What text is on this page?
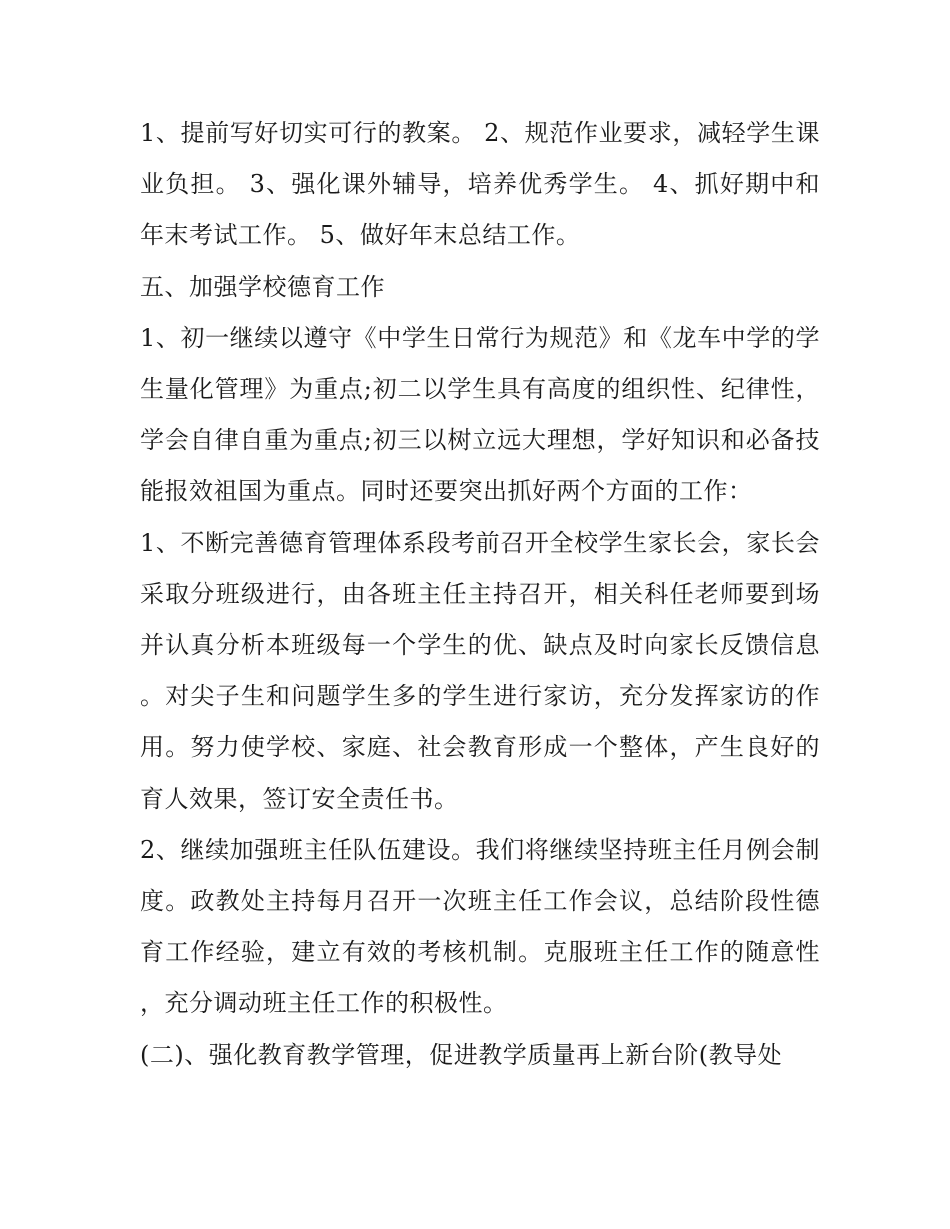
1、提前写好切实可行的教案。 2、规范作业要求，减轻学生课业负担。 3、强化课外辅导，培养优秀学生。 4、抓好期中和年末考试工作。 5、做好年末总结工作。

五、加强学校德育工作

1、初一继续以遵守《中学生日常行为规范》和《龙车中学的学生量化管理》为重点;初二以学生具有高度的组织性、纪律性，学会自律自重为重点;初三以树立远大理想，学好知识和必备技能报效祖国为重点。同时还要突出抓好两个方面的工作：

1、不断完善德育管理体系段考前召开全校学生家长会，家长会采取分班级进行，由各班主任主持召开，相关科任老师要到场并认真分析本班级每一个学生的优、缺点及时向家长反馈信息。对尖子生和问题学生多的学生进行家访，充分发挥家访的作用。努力使学校、家庭、社会教育形成一个整体，产生良好的育人效果，签订安全责任书。

2、继续加强班主任队伍建设。我们将继续坚持班主任月例会制度。政教处主持每月召开一次班主任工作会议，总结阶段性德育工作经验，建立有效的考核机制。克服班主任工作的随意性，充分调动班主任工作的积极性。

(二)、强化教育教学管理，促进教学质量再上新台阶(教导处
